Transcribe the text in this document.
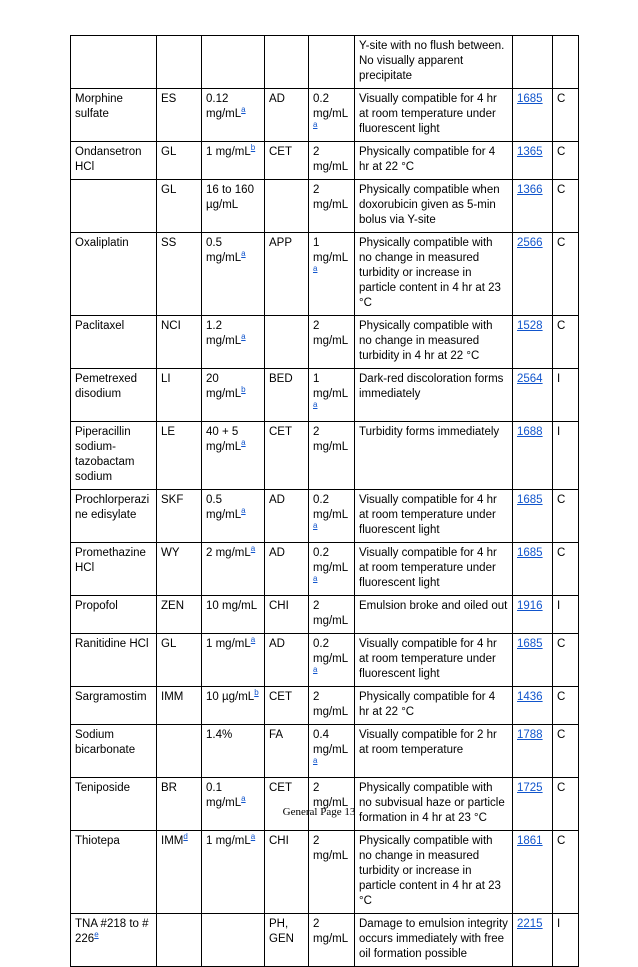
					Y-site with no flush between. No visually apparent precipitate		
Morphine sulfate	ES	0.12 $mg/mL^a$	AD	0.2 $mg/mL^a$	Visually compatible for 4 hr at room temperature under fluorescent light	1685	C
Ondansetron HCl	GL	1 $mg/mL^b$	CET	2 mg/mL	Physically compatible for 4 hr at 22 °C	1365	C
	GL	16 to 160 µg/mL		2 mg/mL	Physically compatible when doxorubicin given as 5-min bolus via Y-site	1366	C
Oxaliplatin	SS	0.5 $mg/mL^a$	APP	1 $mg/mL^a$	Physically compatible with no change in measured turbidity or increase in particle content in 4 hr at 23 °C	2566	C
Paclitaxel	NCI	1.2 $mg/mL^a$		2 mg/mL	Physically compatible with no change in measured turbidity in 4 hr at 22 °C	1528	C
Pemetrexed disodium	LI	20 $mg/mL^b$	BED	1 $mg/mL^a$	Dark-red discoloration forms immediately	2564	I
Piperacillin sodium-tazobactam sodium	LE	40 + 5 $mg/mL^a$	CET	2 mg/mL	Turbidity forms immediately	1688	I
Prochlorperazine edisylate	SKF	0.5 $mg/mL^a$	AD	0.2 $mg/mL^a$	Visually compatible for 4 hr at room temperature under fluorescent light	1685	C
Promethazine HCl	WY	2 $mg/mL^a$	AD	0.2 $mg/mL^a$	Visually compatible for 4 hr at room temperature under fluorescent light	1685	C
Propofol	ZEN	10 mg/mL	CHI	2 mg/mL	Emulsion broke and oiled out	1916	I
Ranitidine HCl	GL	1 $mg/mL^a$	AD	0.2 $mg/mL^a$	Visually compatible for 4 hr at room temperature under fluorescent light	1685	C
Sargramostim	IMM	10 $\mu g/mL^b$	CET	2 mg/mL	Physically compatible for 4 hr at 22 °C	1436	C
Sodium bicarbonate		1.4%	FA	0.4 $mg/mL^a$	Visually compatible for 2 hr at room temperature	1788	C
Teniposide	BR	0.1 $mg/mL^a$	CET	2 mg/mL	Physically compatible with no subvisual haze or particle formation in 4 hr at 23 °C	1725	C
Thiotepa	IMM$^d$	1 $mg/mL^a$	CHI	2 mg/mL	Physically compatible with no change in measured turbidity or increase in particle content in 4 hr at 23 °C	1861	C
TNA #218 to # 226e			PH, GEN	2 mg/mL	Damage to emulsion integrity occurs immediately with free oil formation possible	2215	I
General Page 13
